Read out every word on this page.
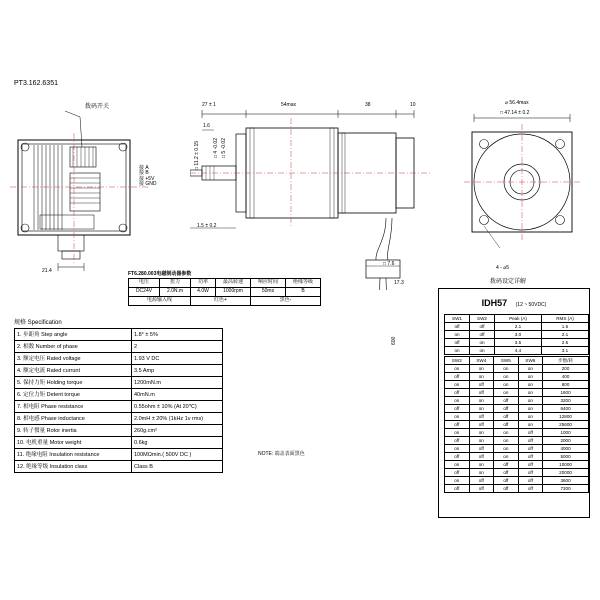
PT3.162.6351
拨码开关
21.4
接 A
接 B
接 +5V
接 GND
27 ± 1	54max	38	10
1.6
1.5 ± 0.2
□ 11.2 ± 0.15	□ 4 -0.02 □ 5 -0.02
17.3
□ 7.6
600
⌀ 56.4max
□ 47.14 ± 0.2
4 - ⌀5
拨码设定详解
FT6.280.003电磁制动器参数
电压	扭力	功率	最高转速	响应时间	绝缘等级
DC24V	2.0N.m	4.0W	1000rpm	50ms	B
电源输入线		红色+		黑色-	
规格 Specification
1. 步距角 Step angle	1.8° ± 5%
2. 相数 Number of phase	2
3. 额定电压 Rated voltage	1.93 V DC
4. 额定电流 Rated currunt	3.5 Amp
5. 保持力矩 Holding torque	1200mN.m
6. 定位力矩 Detent torque	40mN.m
7. 相电阻 Phase resistance	0.55ohm ± 10% (At 20℃)
8. 相电感 Phase inductance	2.0mH ± 20% (1kHz 1v rms)
9. 转子惯量 Rotor inertia	260g.cm²
10. 电机重量 Motor weight	0.6kg
11. 绝缘电阻 Insulation resistance	100MΩmin.( 500V DC )
12. 绝缘等级 Insulation class	Class B
NOTE: 端盖表面黑色
IDH57 (12 ~ 50VDC)
SW1	SW2	Peak (A)	RMS (A)
off	off	2.1	1.5
on	off	3.0	2.1
off	on	3.5	2.5
on	on	4.4	3.1
SW3	SW4	SW5	SW6	步数/转
on	on	on	on	200
off	on	on	on	400
on	off	on	on	800
off	off	on	on	1600
on	on	off	on	3200
off	on	off	on	6400
on	off	off	on	12800
off	off	off	on	25600
on	on	on	off	1000
off	on	on	off	2000
on	off	on	off	4000
off	off	on	off	5000
on	on	off	off	10000
off	on	off	off	20000
on	off	off	off	3600
off	off	off	off	7200
